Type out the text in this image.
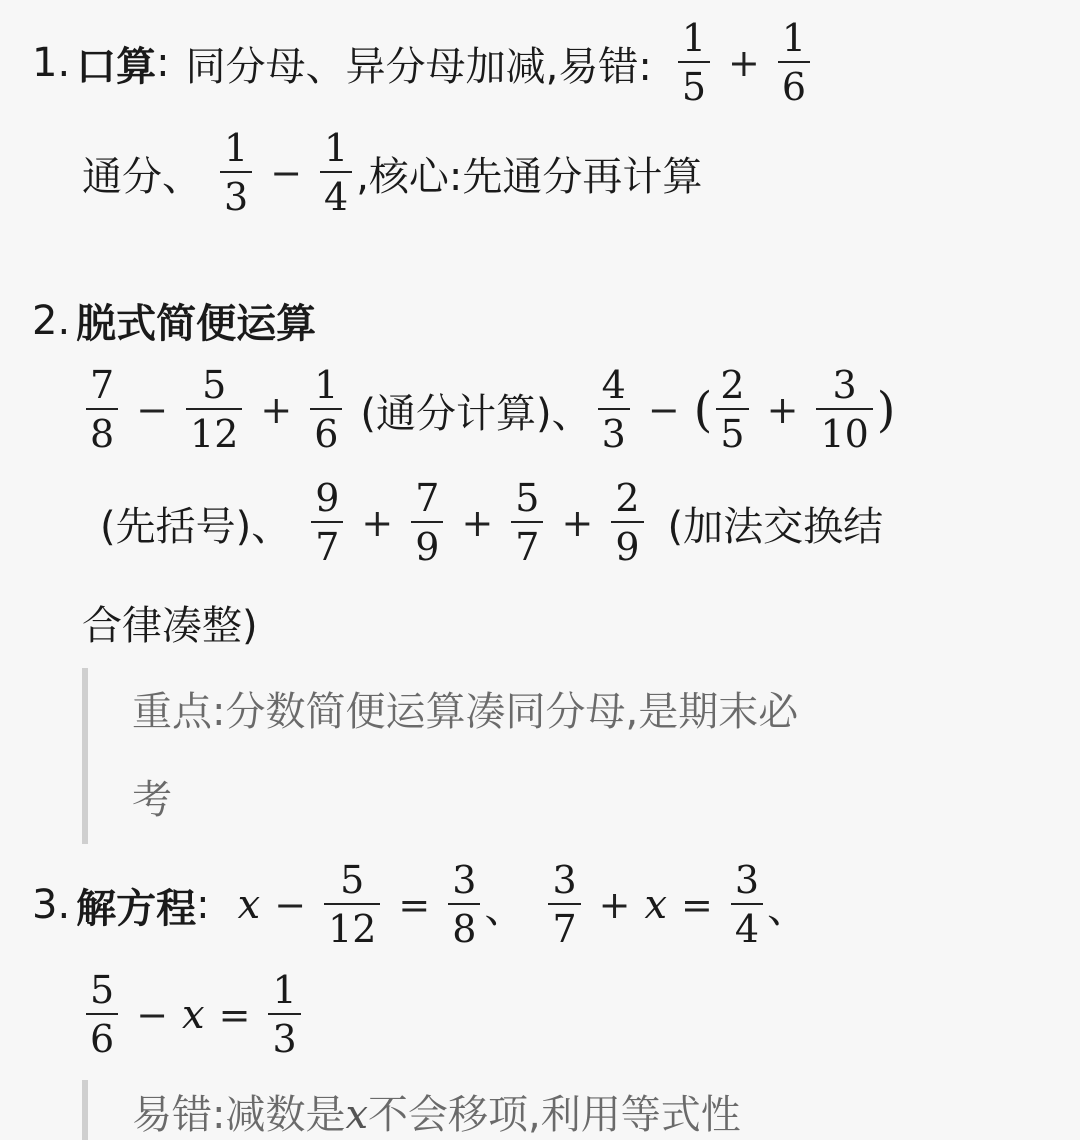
1. 口算 : 同分母、异分母加减,易错: $\frac{1}{5} + \frac{1}{6}$
通分、 $\frac{1}{3} - \frac{1}{4}$ ,核心:先通分再计算
2. 脱式简便运算
$\frac{7}{8} - \frac{5}{12} + \frac{1}{6}$ (通分计算)、 $\frac{4}{3}$ − ( $\frac{2}{5} + \frac{3}{10}$ )
(先括号)、 $\frac{9}{7} + \frac{7}{9} + \frac{5}{7} + \frac{2}{9}$ (加法交换结
合律凑整)
重点:分数简便运算凑同分母,是期末必
考
3. 解方程 : $x - \frac{5}{12} = \frac{3}{8}$ 、 $\frac{3}{7} + x = \frac{3}{4}$ 、
$\frac{5}{6} - x = \frac{1}{3}$
易错:减数是x不会移项,利用等式性
